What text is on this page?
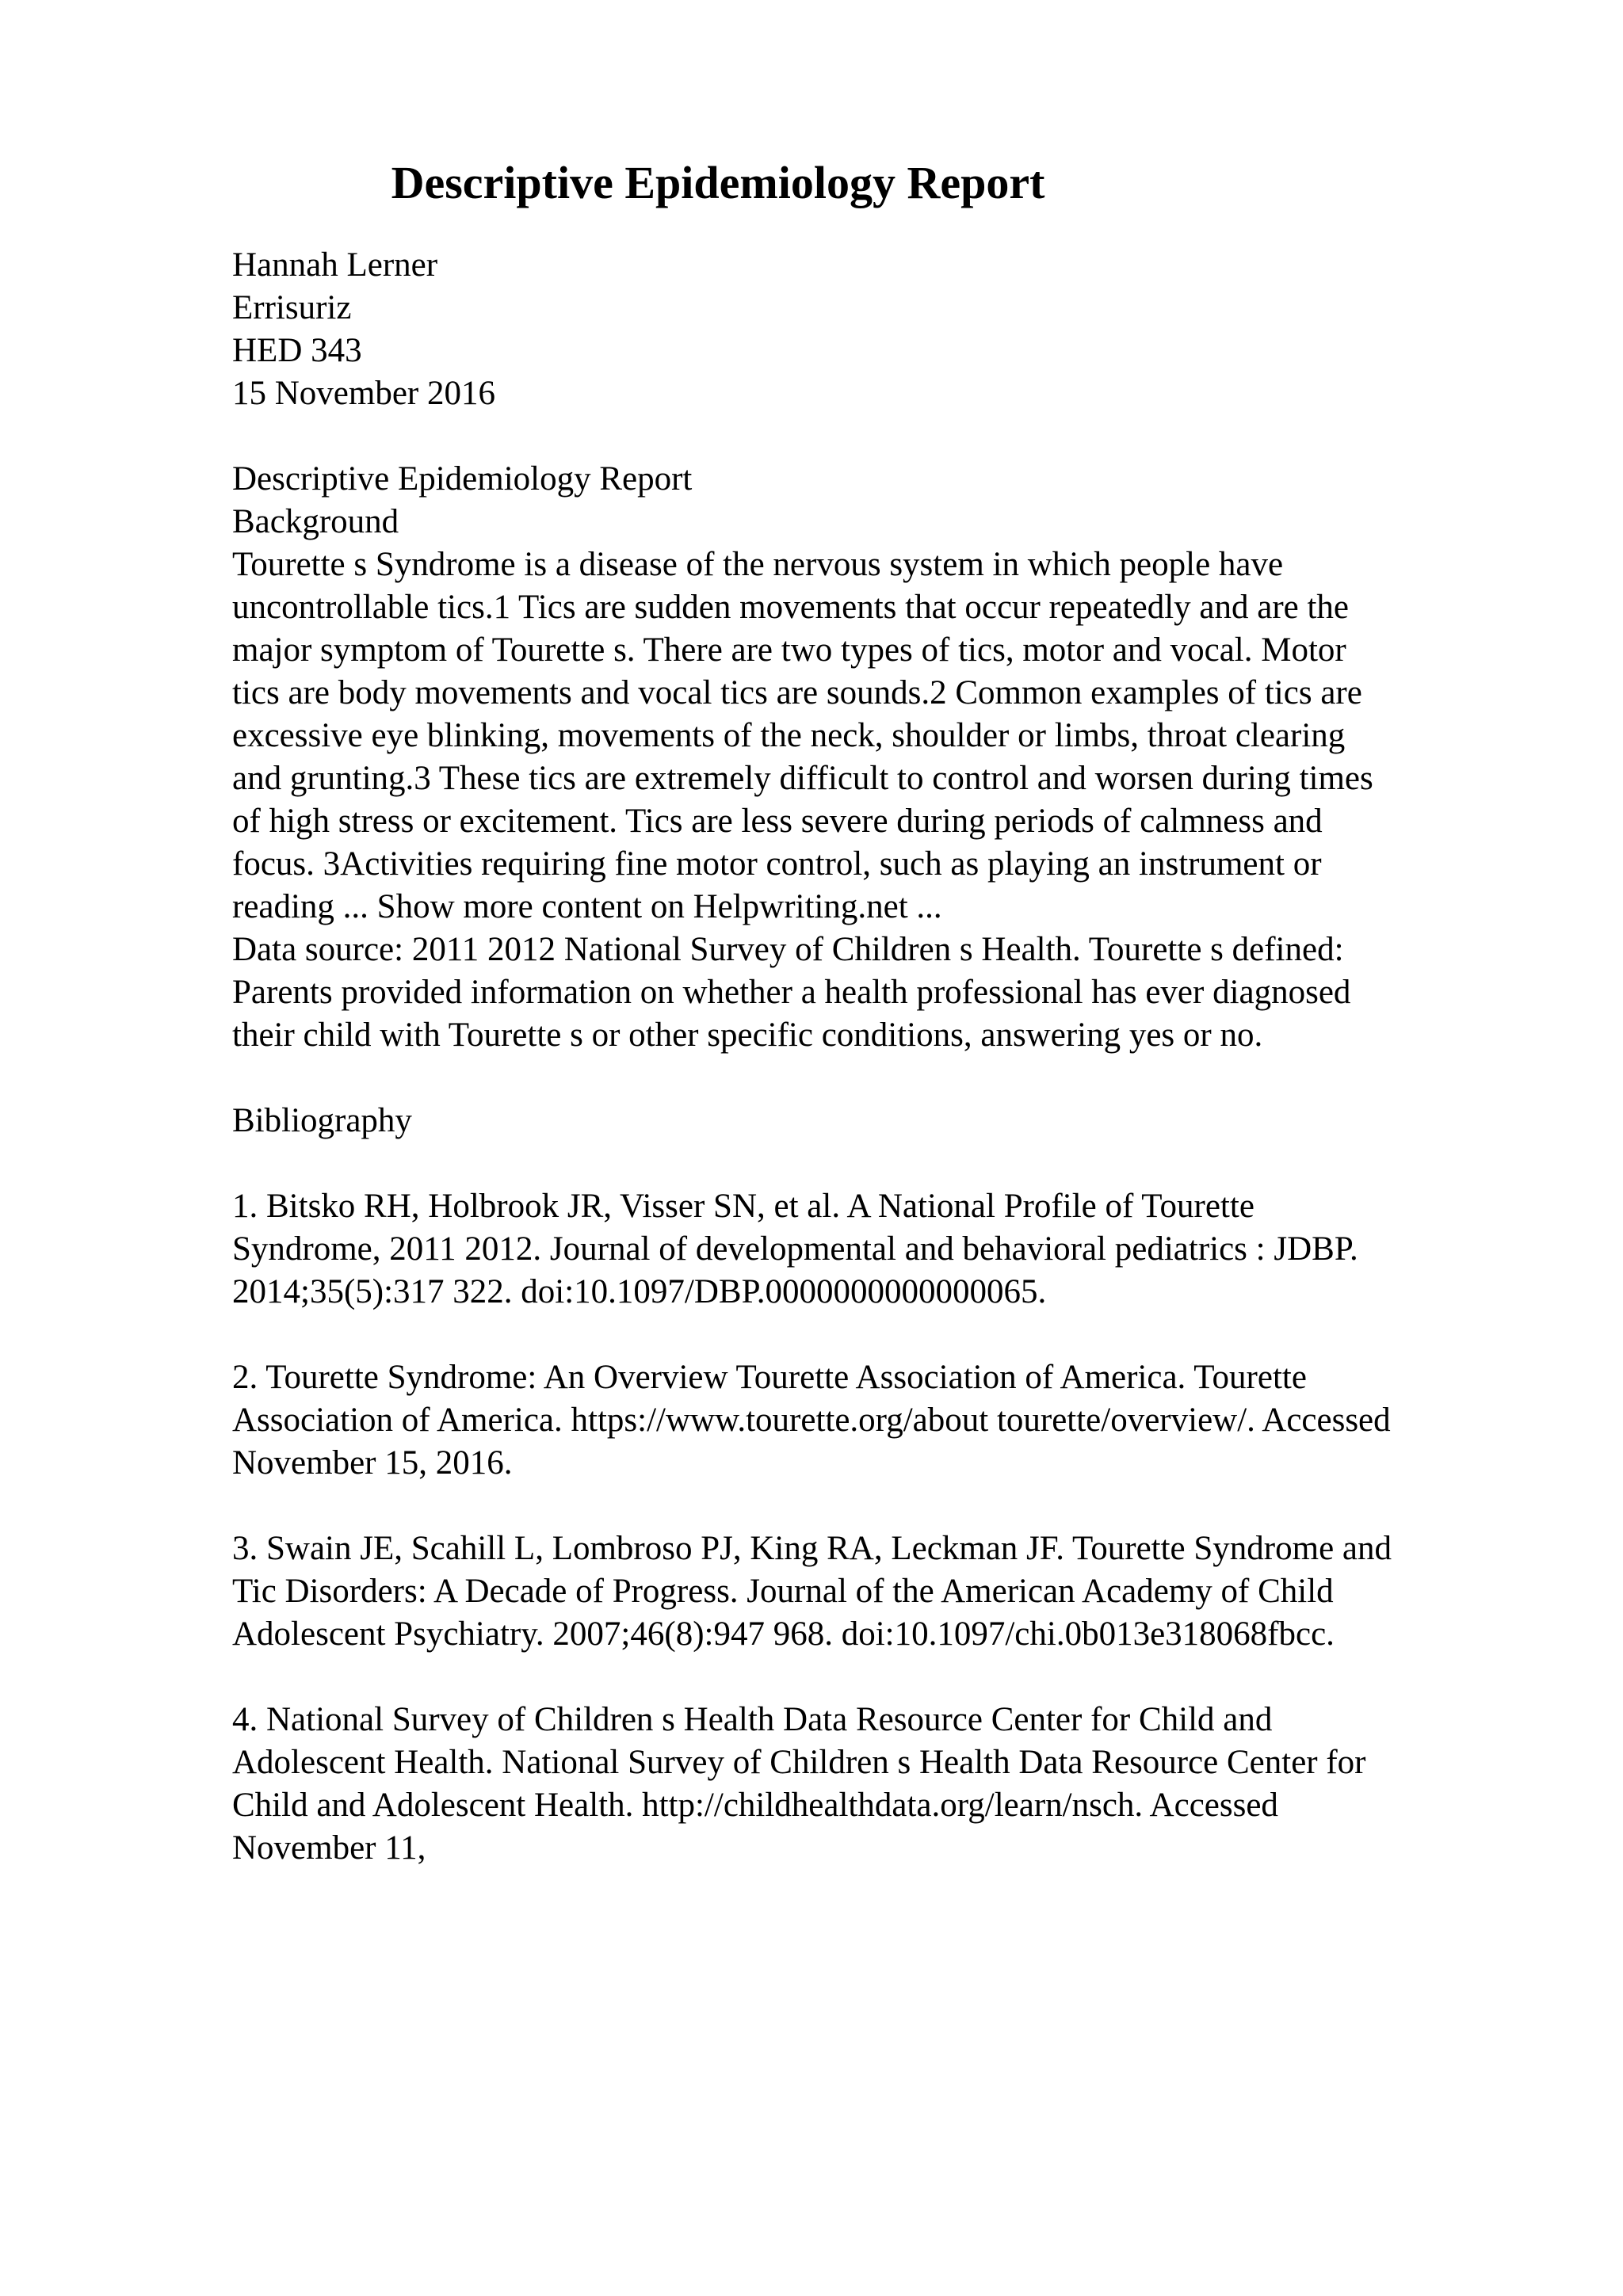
Descriptive Epidemiology Report
Hannah Lerner
Errisuriz
HED 343
15 November 2016
Descriptive Epidemiology Report
Background
Tourette s Syndrome is a disease of the nervous system in which people have
uncontrollable tics.1 Tics are sudden movements that occur repeatedly and are the
major symptom of Tourette s. There are two types of tics, motor and vocal. Motor
tics are body movements and vocal tics are sounds.2 Common examples of tics are
excessive eye blinking, movements of the neck, shoulder or limbs, throat clearing
and grunting.3 These tics are extremely difficult to control and worsen during times
of high stress or excitement. Tics are less severe during periods of calmness and
focus. 3Activities requiring fine motor control, such as playing an instrument or
reading ... Show more content on Helpwriting.net ...
Data source: 2011 2012 National Survey of Children s Health. Tourette s defined:
Parents provided information on whether a health professional has ever diagnosed
their child with Tourette s or other specific conditions, answering yes or no.
Bibliography
1. Bitsko RH, Holbrook JR, Visser SN, et al. A National Profile of Tourette
Syndrome, 2011 2012. Journal of developmental and behavioral pediatrics : JDBP.
2014;35(5):317 322. doi:10.1097/DBP.0000000000000065.
2. Tourette Syndrome: An Overview Tourette Association of America. Tourette
Association of America. https://www.tourette.org/about tourette/overview/. Accessed
November 15, 2016.
3. Swain JE, Scahill L, Lombroso PJ, King RA, Leckman JF. Tourette Syndrome and
Tic Disorders: A Decade of Progress. Journal of the American Academy of Child
Adolescent Psychiatry. 2007;46(8):947 968. doi:10.1097/chi.0b013e318068fbcc.
4. National Survey of Children s Health Data Resource Center for Child and
Adolescent Health. National Survey of Children s Health Data Resource Center for
Child and Adolescent Health. http://childhealthdata.org/learn/nsch. Accessed
November 11,
